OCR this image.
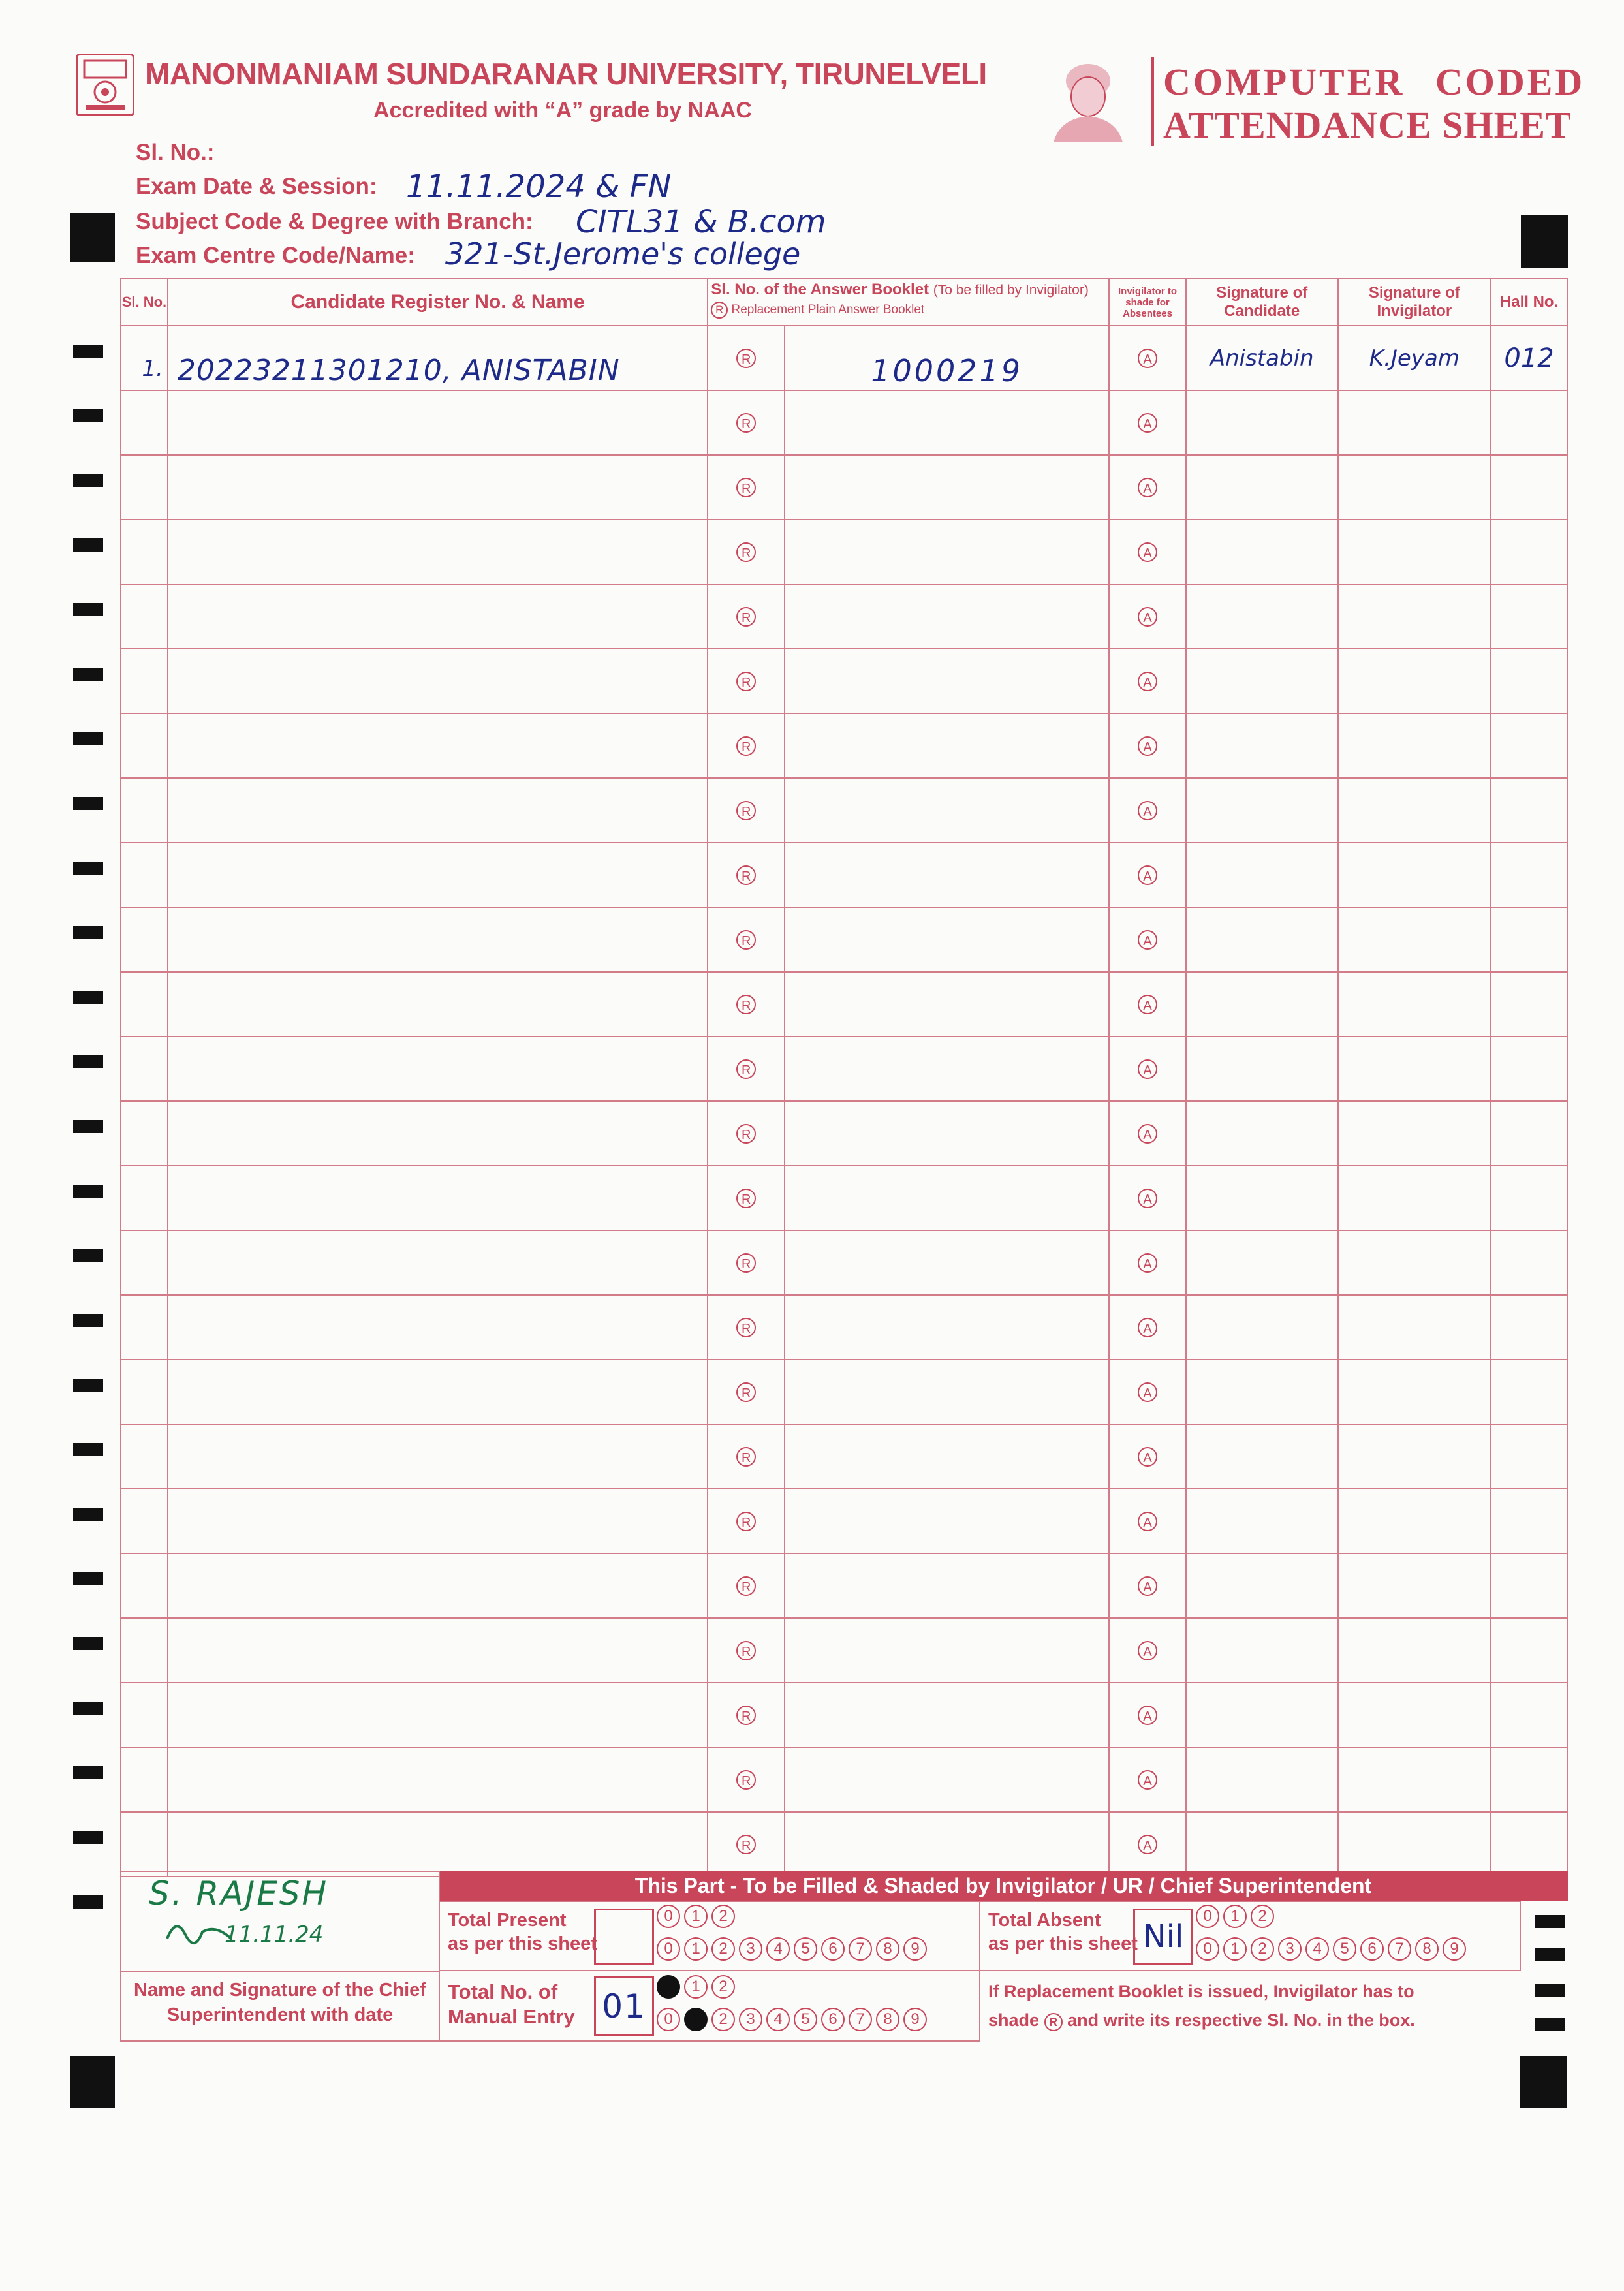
MANONMANIAM SUNDARANAR UNIVERSITY, TIRUNELVELI
Accredited with “A” grade by NAAC
COMPUTER CODED
ATTENDANCE SHEET
Sl. No.:
Exam Date & Session: 11.11.2024 & FN
Subject Code & Degree with Branch: CITL31 & B.com
Exam Centre Code/Name: 321-St.Jerome's college
Sl. No.	Candidate Register No. & Name	Sl. No. of the Answer Booklet (To be filled by Invigilator)
R Replacement Plain Answer Booklet		Invigilator to shade for Absentees	Signature of Candidate	Signature of Invigilator	Hall No.
1.	20223211301210, ANISTABIN	R	1000219	A	Anistabin	K.Jeyam	012
		R		A			
		R		A			
		R		A			
		R		A			
		R		A			
		R		A			
		R		A			
		R		A			
		R		A			
		R		A			
		R		A			
		R		A			
		R		A			
		R		A			
		R		A			
		R		A			
		R		A			
		R		A			
		R		A			
		R		A			
		R		A			
		R		A			
		R		A			
This Part - To be Filled & Shaded by Invigilator / UR / Chief Superintendent
S. RAJESH
11.11.24
Name and Signature of the Chief Superintendent with date
Total Present
as per this sheet
0 1 2
0 1 2 3 4 5 6 7 8 9
Total Absent
as per this sheet Nil
0 1 2
0 1 2 3 4 5 6 7 8 9
Total No. of
Manual Entry 01
0 1 2
0 1 2 3 4 5 6 7 8 9
If Replacement Booklet is issued, Invigilator has to
shade R and write its respective Sl. No. in the box.
